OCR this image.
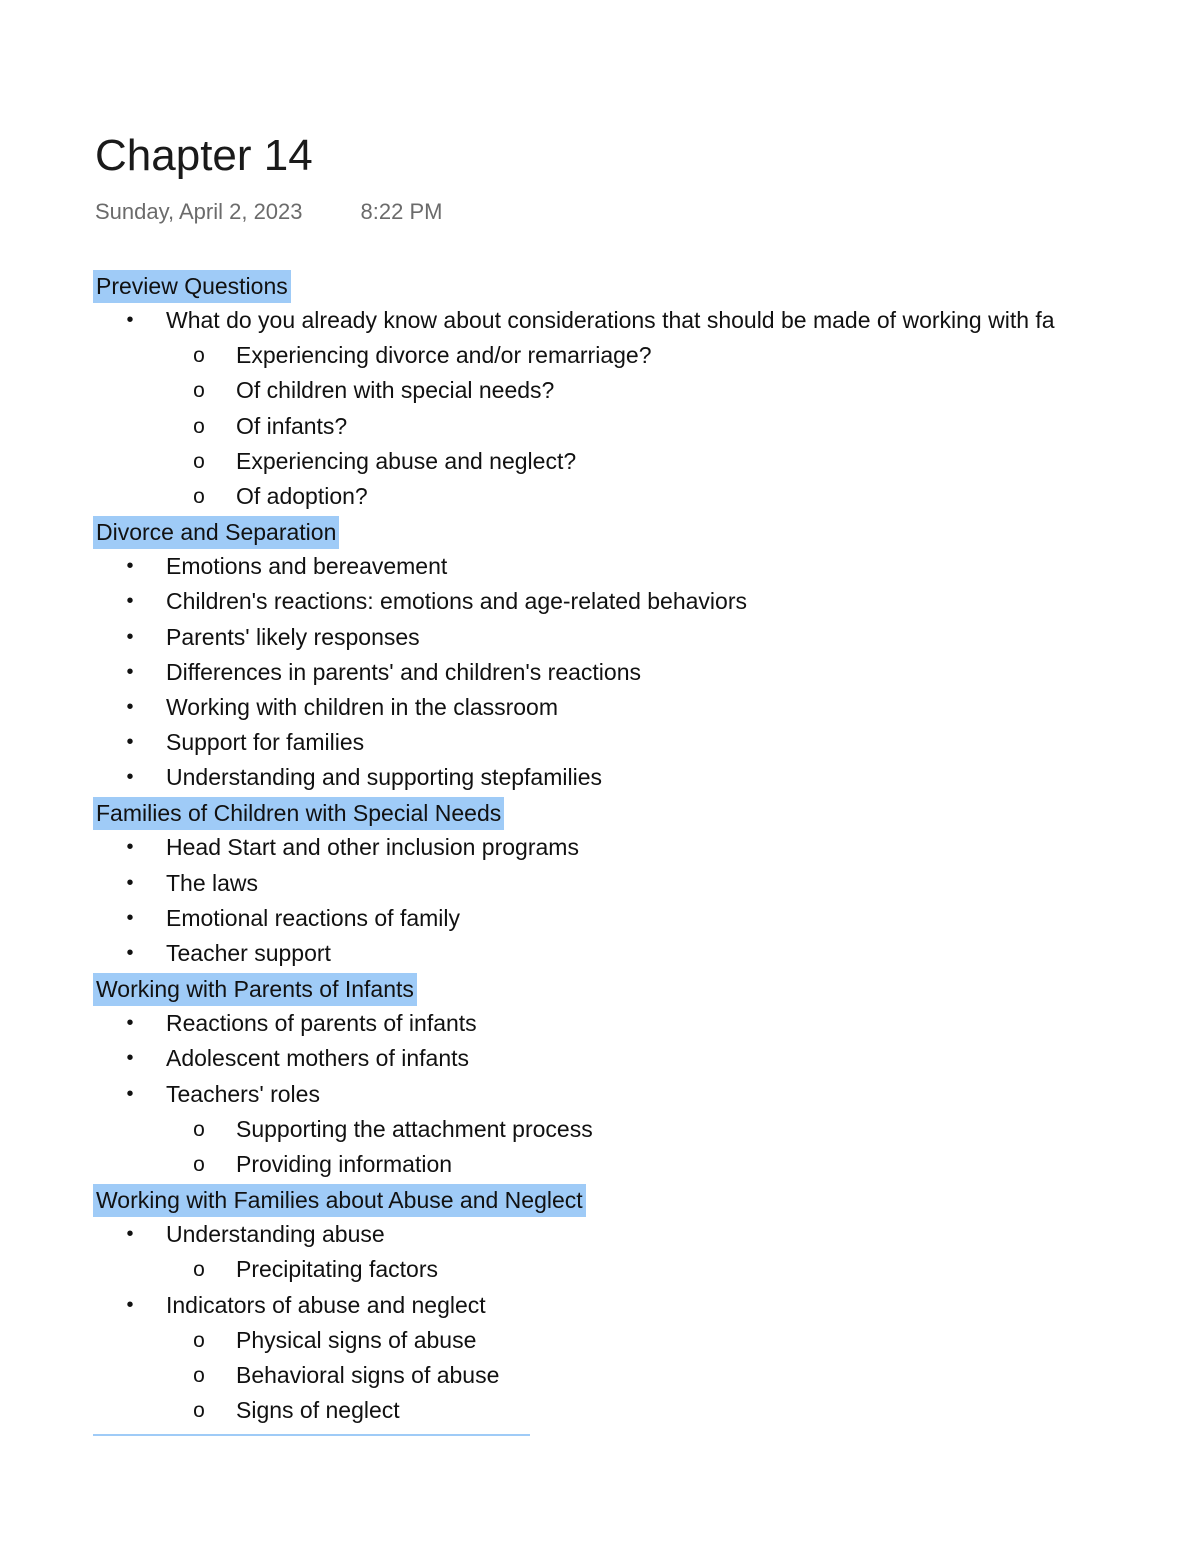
Chapter 14
Sunday, April 2, 2023	8:22 PM
Preview Questions
•	What do you already know about considerations that should be made of working with fa
o	Experiencing divorce and/or remarriage?
o	Of children with special needs?
o	Of infants?
o	Experiencing abuse and neglect?
o	Of adoption?
Divorce and Separation
•	Emotions and bereavement
•	Children's reactions: emotions and age-related behaviors
•	Parents' likely responses
•	Differences in parents' and children's reactions
•	Working with children in the classroom
•	Support for families
•	Understanding and supporting stepfamilies
Families of Children with Special Needs
•	Head Start and other inclusion programs
•	The laws
•	Emotional reactions of family
•	Teacher support
Working with Parents of Infants
•	Reactions of parents of infants
•	Adolescent mothers of infants
•	Teachers' roles
o	Supporting the attachment process
o	Providing information
Working with Families about Abuse and Neglect
•	Understanding abuse
o	Precipitating factors
•	Indicators of abuse and neglect
o	Physical signs of abuse
o	Behavioral signs of abuse
o	Signs of neglect
